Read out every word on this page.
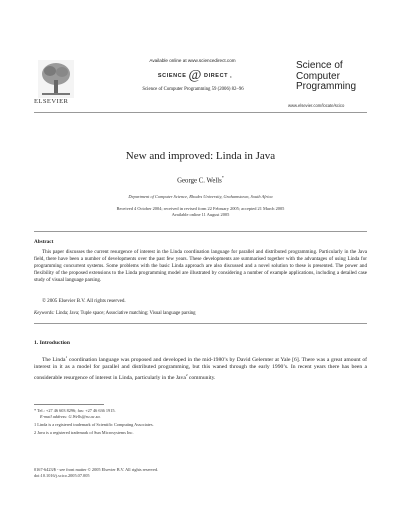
Available online at www.sciencedirect.com
SCIENCE @ DIRECT •
Science of Computer Programming 59 (2006) 82–96
ELSEVIER
Science of
Computer
Programming
www.elsevier.com/locate/scico
New and improved: Linda in Java
George C. Wells*
Department of Computer Science, Rhodes University, Grahamstown, South Africa
Received 4 October 2004; received in revised form 22 February 2005; accepted 21 March 2005
Available online 11 August 2005
Abstract
This paper discusses the current resurgence of interest in the Linda coordination language for parallel and distributed programming. Particularly in the Java field, there have been a number of developments over the past few years. These developments are summarised together with the advantages of using Linda for programming concurrent systems. Some problems with the basic Linda approach are also discussed and a novel solution to these is presented. The power and flexibility of the proposed extensions to the Linda programming model are illustrated by considering a number of example applications, including a detailed case study of visual language parsing.
© 2005 Elsevier B.V. All rights reserved.
Keywords: Linda; Java; Tuple space; Associative matching; Visual language parsing
1. Introduction
The Linda$^1$ coordination language was proposed and developed in the mid-1980’s by David Gelernter at Yale [6]. There was a great amount of interest in it as a model for parallel and distributed programming, but this waned through the early 1990’s. In recent years there has been a considerable resurgence of interest in Linda, particularly in the Java$^2$ community.
* Tel.: +27 46 603 8296; fax: +27 46 636 1915.
E-mail address: G.Wells@ru.ac.za.
1 Linda is a registered trademark of Scientific Computing Associates.
2 Java is a registered trademark of Sun Microsystems Inc.
0167-6423/$ - see front matter © 2005 Elsevier B.V. All rights reserved.
doi:10.1016/j.scico.2005.07.005
